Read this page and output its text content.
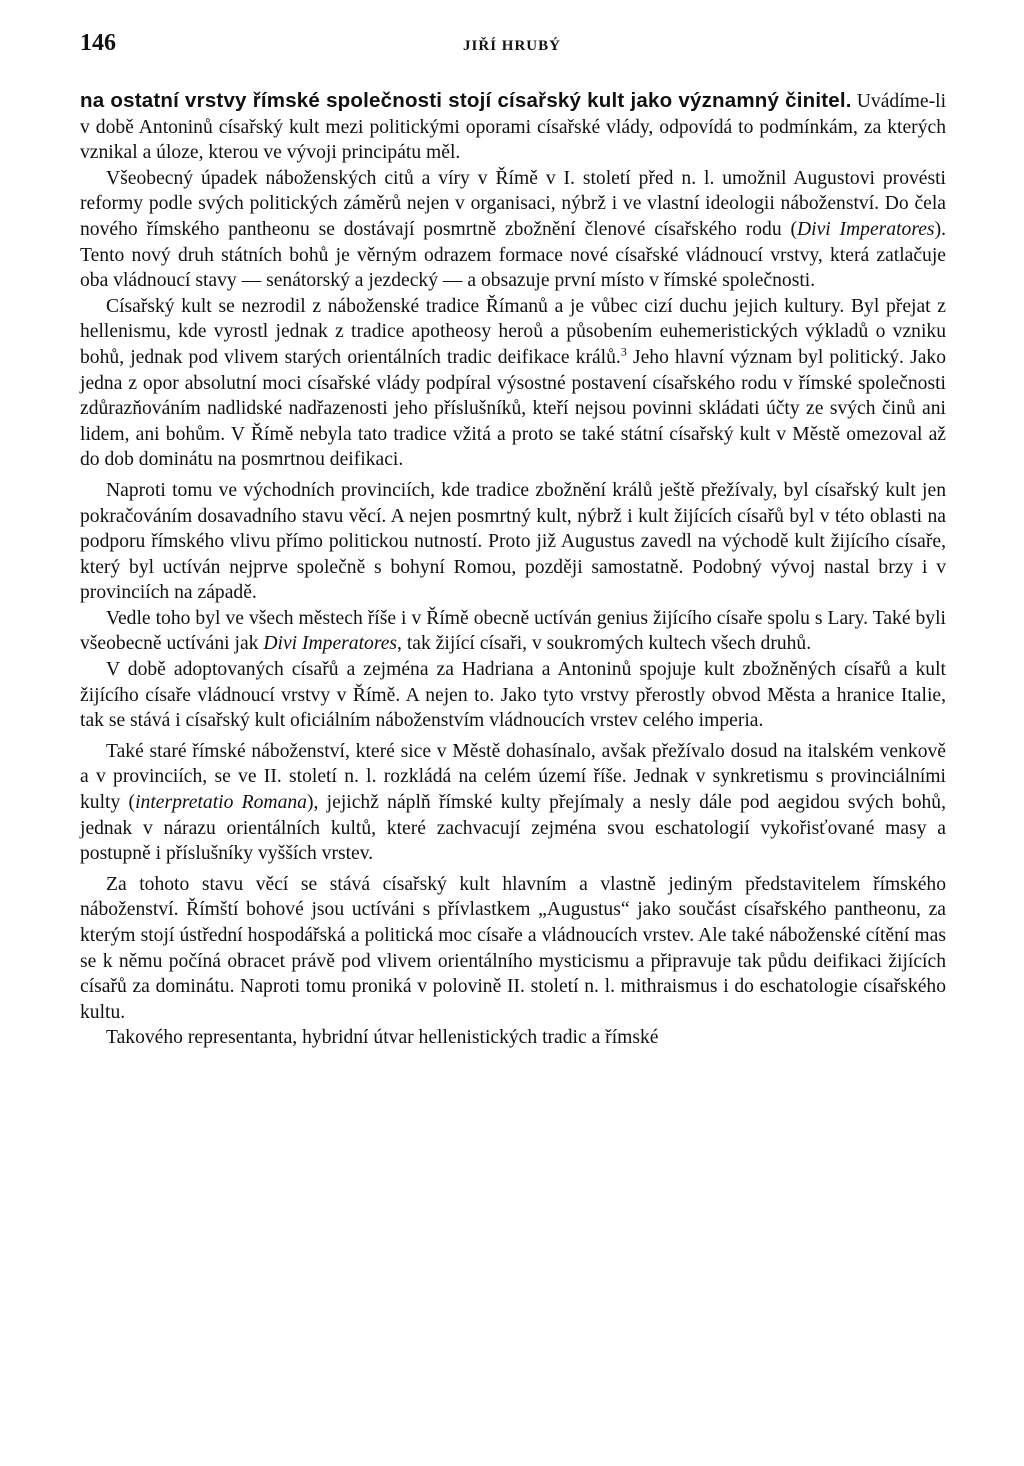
146	JIŘÍ HRUBÝ

na ostatní vrstvy římské společnosti stojí císařský kult jako významný činitel. Uvádíme-li v době Antoninů císařský kult mezi politickými oporami císařské vlády, odpovídá to podmínkám, za kterých vznikal a úloze, kterou ve vývoji principátu měl.

Všeobecný úpadek náboženských citů a víry v Římě v I. století před n. l. umožnil Augustovi provésti reformy podle svých politických záměrů nejen v organisaci, nýbrž i ve vlastní ideologii náboženství. Do čela nového římského pantheonu se dostávají posmrtně zbožnění členové císařského rodu (Divi Imperatores). Tento nový druh státních bohů je věrným odrazem formace nové císařské vládnoucí vrstvy, která zatlačuje oba vládnoucí stavy — senátorský a jezdecký — a obsazuje první místo v římské společnosti.

Císařský kult se nezrodil z náboženské tradice Římanů a je vůbec cizí duchu jejich kultury. Byl přejat z hellenismu, kde vyrostl jednak z tradice apotheosy heroů a působením euhemeristických výkladů o vzniku bohů, jednak pod vlivem starých orientálních tradic deifikace králů.$^3$ Jeho hlavní význam byl politický. Jako jedna z opor absolutní moci císařské vlády podpíral výsostné postavení císařského rodu v římské společnosti zdůrazňováním nadlidské nadřazenosti jeho příslušníků, kteří nejsou povinni skládati účty ze svých činů ani lidem, ani bohům. V Římě nebyla tato tradice vžitá a proto se také státní císařský kult v Městě omezoval až do dob dominátu na posmrtnou deifikaci.

Naproti tomu ve východních provinciích, kde tradice zbožnění králů ještě přežívaly, byl císařský kult jen pokračováním dosavadního stavu věcí. A nejen posmrtný kult, nýbrž i kult žijících císařů byl v této oblasti na podporu římského vlivu přímo politickou nutností. Proto již Augustus zavedl na východě kult žijícího císaře, který byl uctíván nejprve společně s bohyní Romou, později samostatně. Podobný vývoj nastal brzy i v provinciích na západě.

Vedle toho byl ve všech městech říše i v Římě obecně uctíván genius žijícího císaře spolu s Lary. Také byli všeobecně uctíváni jak Divi Imperatores, tak žijící císaři, v soukromých kultech všech druhů.

V době adoptovaných císařů a zejména za Hadriana a Antoninů spojuje kult zbožněných císařů a kult žijícího císaře vládnoucí vrstvy v Římě. A nejen to. Jako tyto vrstvy přerostly obvod Města a hranice Italie, tak se stává i císařský kult oficiálním náboženstvím vládnoucích vrstev celého imperia.

Také staré římské náboženství, které sice v Městě dohasínalo, avšak přežívalo dosud na italském venkově a v provinciích, se ve II. století n. l. rozkládá na celém území říše. Jednak v synkretismu s provinciálními kulty (interpretatio Romana), jejichž náplň římské kulty přejímaly a nesly dále pod aegidou svých bohů, jednak v nárazu orientálních kultů, které zachvacují zejména svou eschatologií vykořisťované masy a postupně i příslušníky vyšších vrstev.

Za tohoto stavu věcí se stává císařský kult hlavním a vlastně jediným představitelem římského náboženství. Římští bohové jsou uctíváni s přívlastkem „Augustus“ jako součást císařského pantheonu, za kterým stojí ústřední hospodářská a politická moc císaře a vládnoucích vrstev. Ale také náboženské cítění mas se k němu počíná obracet právě pod vlivem orientálního mysticismu a připravuje tak půdu deifikaci žijících císařů za dominátu. Naproti tomu proniká v polovině II. století n. l. mithraismus i do eschatologie císařského kultu.

Takového representanta, hybridní útvar hellenistických tradic a římské
